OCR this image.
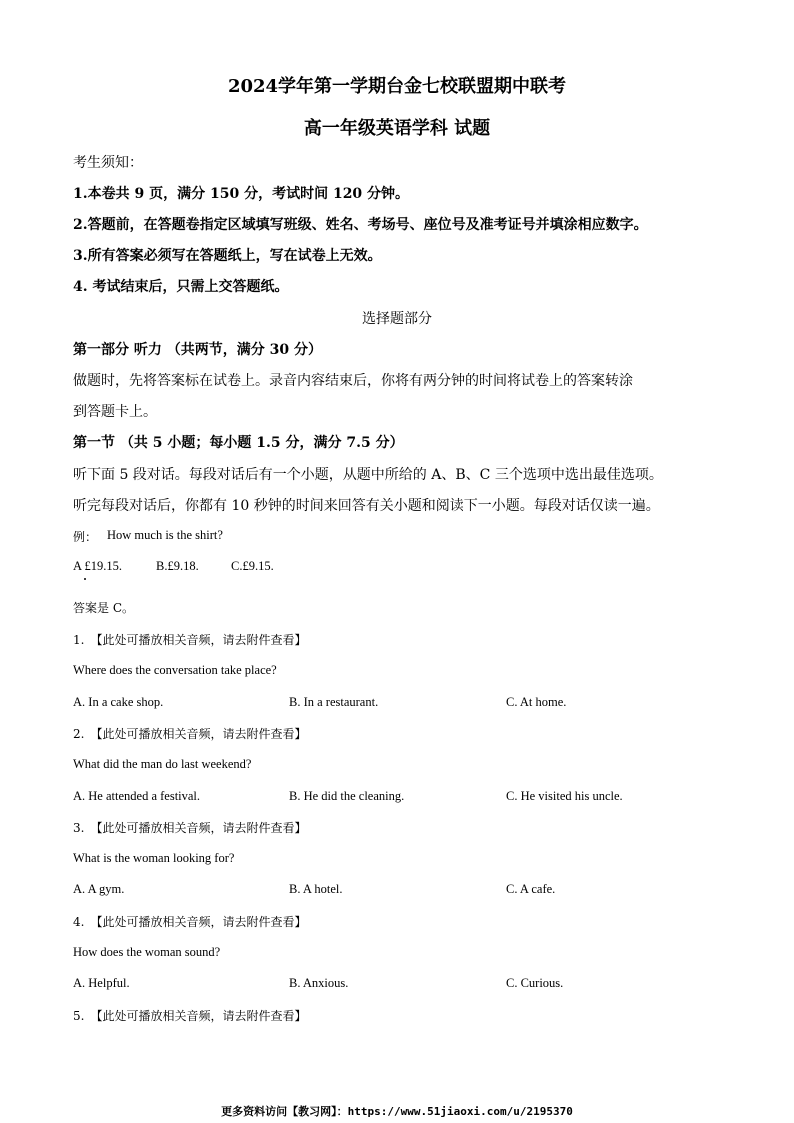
2024学年第一学期台金七校联盟期中联考
高一年级英语学科 试题
考生须知：
1.本卷共 9 页，满分 150 分，考试时间 120 分钟。
2.答题前，在答题卷指定区域填写班级、姓名、考场号、座位号及准考证号并填涂相应数字。
3.所有答案必须写在答题纸上，写在试卷上无效。
4. 考试结束后，只需上交答题纸。
选择题部分
第一部分 听力 （共两节，满分 30 分）
做题时，先将答案标在试卷上。录音内容结束后，你将有两分钟的时间将试卷上的答案转涂
到答题卡上。
第一节 （共 5 小题；每小题 1.5 分，满分 7.5 分）
听下面 5 段对话。每段对话后有一个小题，从题中所给的 A、B、C 三个选项中选出最佳选项。
听完每段对话后，你都有 10 秒钟的时间来回答有关小题和阅读下一小题。每段对话仅读一遍。
例： How much is the shirt?
A £19.15.	B.£9.18.	C.£9.15.
答案是 C。
1. 【此处可播放相关音频，请去附件查看】
Where does the conversation take place?
A. In a cake shop.	B. In a restaurant.	C. At home.
2. 【此处可播放相关音频，请去附件查看】
What did the man do last weekend?
A. He attended a festival.	B. He did the cleaning.	C. He visited his uncle.
3. 【此处可播放相关音频，请去附件查看】
What is the woman looking for?
A. A gym.	B. A hotel.	C. A cafe.
4. 【此处可播放相关音频，请去附件查看】
How does the woman sound?
A. Helpful.	B. Anxious.	C. Curious.
5. 【此处可播放相关音频，请去附件查看】
更多资料访问【教习网】：https://www.51jiaoxi.com/u/2195370
